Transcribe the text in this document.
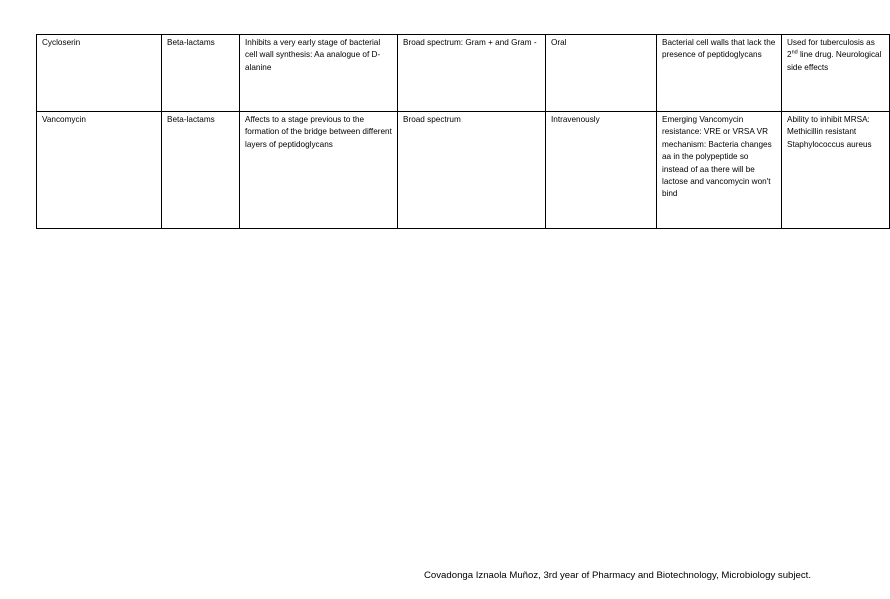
Cycloserin	Beta-lactams	Inhibits a very early stage of bacterial cell wall synthesis: Aa analogue of D-alanine	Broad spectrum: Gram + and Gram -	Oral	Bacterial cell walls that lack the presence of peptidoglycans	Used for tuberculosis as 2nd line drug. Neurological side effects
Vancomycin	Beta-lactams	Affects to a stage previous to the formation of the bridge between different layers of peptidoglycans	Broad spectrum	Intravenously	Emerging Vancomycin resistance: VRE or VRSA VR mechanism: Bacteria changes aa in the polypeptide so instead of aa there will be lactose and vancomycin won't bind	Ability to inhibit MRSA: Methicillin resistant Staphylococcus aureus
Covadonga Iznaola Muñoz, 3rd year of Pharmacy and Biotechnology, Microbiology subject.
